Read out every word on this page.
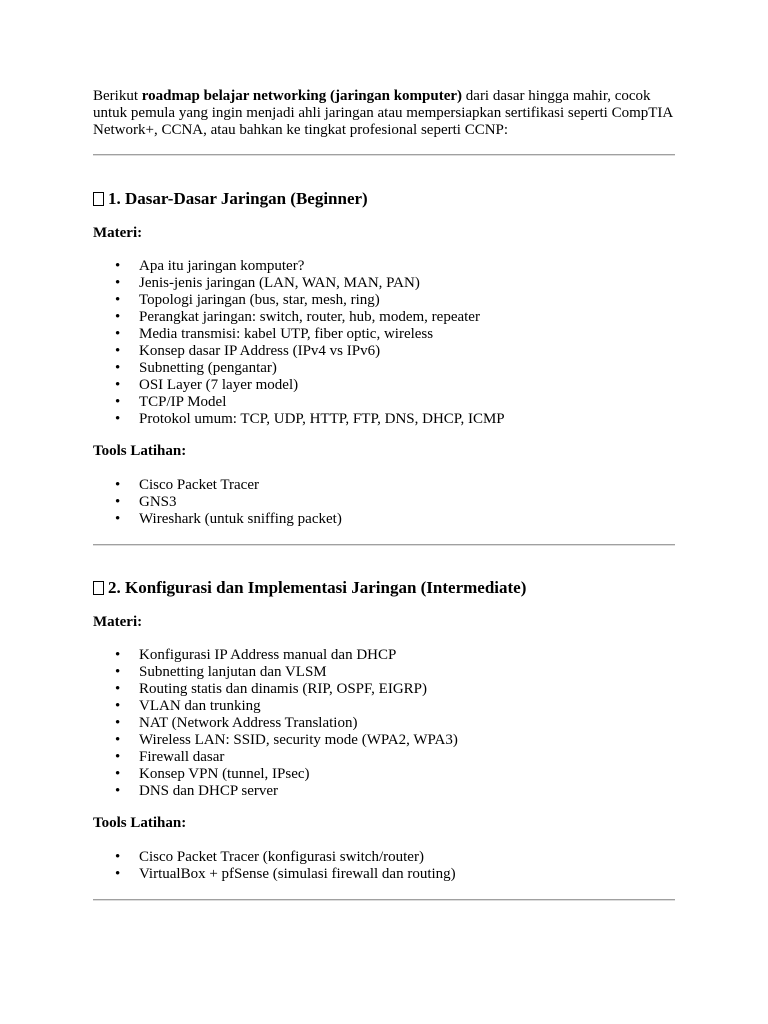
Berikut roadmap belajar networking (jaringan komputer) dari dasar hingga mahir, cocok untuk pemula yang ingin menjadi ahli jaringan atau mempersiapkan sertifikasi seperti CompTIA Network+, CCNA, atau bahkan ke tingkat profesional seperti CCNP:

1. Dasar-Dasar Jaringan (Beginner)

Materi:

• Apa itu jaringan komputer?
• Jenis-jenis jaringan (LAN, WAN, MAN, PAN)
• Topologi jaringan (bus, star, mesh, ring)
• Perangkat jaringan: switch, router, hub, modem, repeater
• Media transmisi: kabel UTP, fiber optic, wireless
• Konsep dasar IP Address (IPv4 vs IPv6)
• Subnetting (pengantar)
• OSI Layer (7 layer model)
• TCP/IP Model
• Protokol umum: TCP, UDP, HTTP, FTP, DNS, DHCP, ICMP

Tools Latihan:

• Cisco Packet Tracer
• GNS3
• Wireshark (untuk sniffing packet)
2. Konfigurasi dan Implementasi Jaringan (Intermediate)

Materi:

• Konfigurasi IP Address manual dan DHCP
• Subnetting lanjutan dan VLSM
• Routing statis dan dinamis (RIP, OSPF, EIGRP)
• VLAN dan trunking
• NAT (Network Address Translation)
• Wireless LAN: SSID, security mode (WPA2, WPA3)
• Firewall dasar
• Konsep VPN (tunnel, IPsec)
• DNS dan DHCP server

Tools Latihan:

• Cisco Packet Tracer (konfigurasi switch/router)
• VirtualBox + pfSense (simulasi firewall dan routing)
